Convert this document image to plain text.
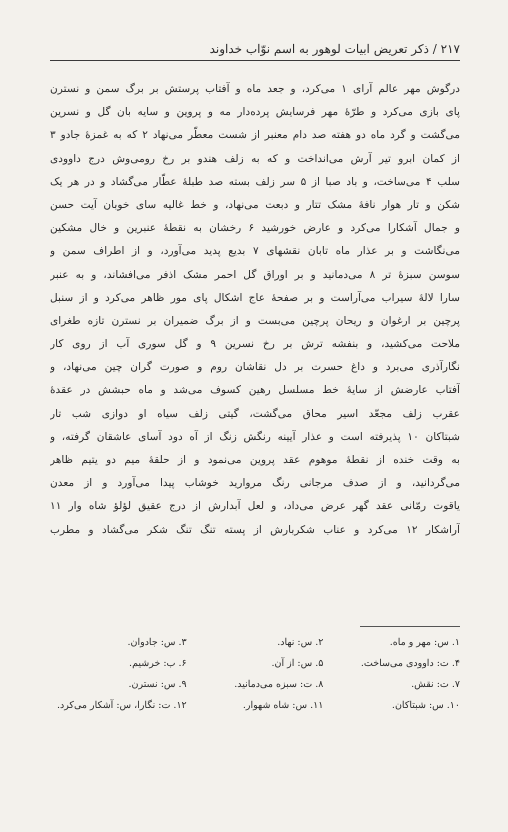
۲۱۷ / ذکر تعریض ابیات لوهور به اسم نوّاب خداوند
درگوش مهر عالم آرای ۱ می‌کرد، و جعد ماه و آفتاب پرستش بر برگ سمن و نسترن
پای بازی می‌کرد و طرّهٔ مهر فرسایش پرده‌دار مه و پروین و سایه بان گل و نسرین
می‌گشت و گرد ماه دو هفته صد دام معنبر از شست معطّر می‌نهاد ۲ که به غمزهٔ جادو ۳
از کمان ابرو تیر آرش می‌انداخت و که به زلف هندو بر رخ رومی‌وش درج داوودی
سلب ۴ می‌ساخت، و باد صبا از ۵ سر زلف بسته صد طبلهٔ عطّار می‌گشاد و در هر یک
شکن و تار هوار نافهٔ مشک تتار و دبعت می‌نهاد، و خط غالیه سای خوبان آیت حسن
و جمال آشکارا می‌کرد و عارض خورشید ۶ رخشان به نقطهٔ عنبرین و خال مشکین
می‌نگاشت و بر عذار ماه تابان نقشهای ۷ بدیع پدید می‌آورد، و از اطراف سمن و
سوسن سبزهٔ تر ۸ می‌دمانید و بر اوراق گل احمر مشک اذفر می‌افشاند، و به عنبر
سارا لالهٔ سیراب می‌آراست و بر صفحهٔ عاج اشکال پای مور ظاهر می‌کرد و از سنبل
پرچین بر ارغوان و ریحان پرچین می‌بست و از برگ ضمیران بر نسترن تازه طغرای
ملاحت می‌کشید، و بنفشه ترش بر رخ نسرین ۹ و گل سوری آب از روی کار
نگارآذری می‌برد و داغ حسرت بر دل نقاشان روم و صورت گران چین می‌نهاد، و
آفتاب عارضش از سایهٔ خط مسلسل رهین کسوف می‌شد و ماه حبشش در عقدهٔ
عقرب زلف مجعّد اسیر محاق می‌گشت، گیتی زلف سیاه او دوازی شب تار
شبتاکان ۱۰ پذیرفته است و عذار آیینه رنگش زنگ از آه دود آسای عاشقان گرفته، و
به وقت خنده از نقطهٔ موهوم عقد پروین می‌نمود و از حلقهٔ میم دو یتیم ظاهر
می‌گردانید، و از صدف مرجانی رنگ مروارید خوشاب پیدا می‌آورد و از معدن
یاقوت رمّانی عقد گهر عرض می‌داد، و لعل آبدارش از درج عقیق لؤلؤ شاه وار ۱۱
آراشکار ۱۲ می‌کرد و عناب شکربارش از پسته تنگ تنگ شکر می‌گشاد و مطرب
۱. س: مهر و ماه.
۲. س: نهاد.
۳. س: جادوان.
۴. ت: داوودی می‌ساخت.
۵. س: از آن.
۶. ب: خرشیم.
۷. ت: نقش.
۸. ت: سبزه می‌دمانید.
۹. س: نسترن.
۱۰. س: شبتاکان.
۱۱. س: شاه شهوار.
۱۲. ت: نگارا، س: آشکار می‌کرد.
